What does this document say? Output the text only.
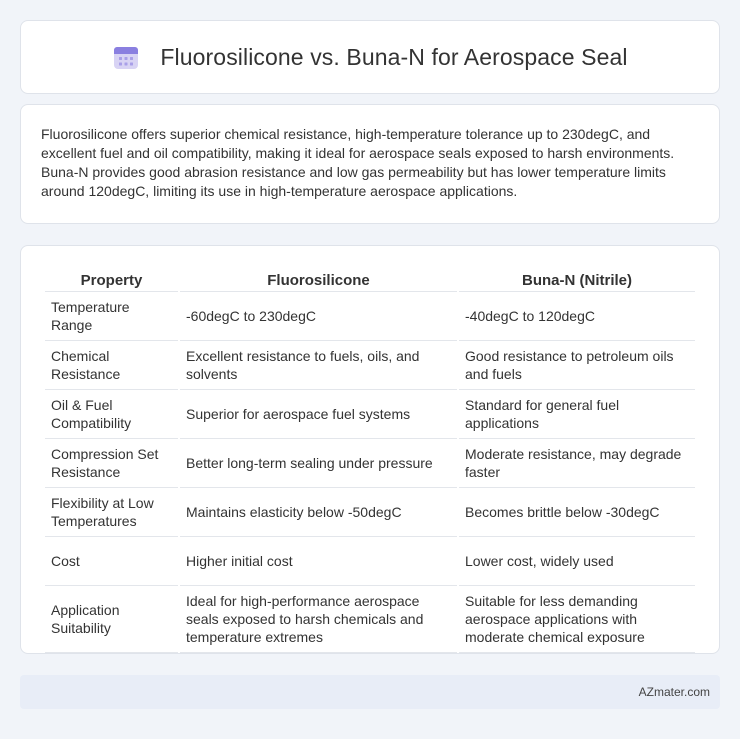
Fluorosilicone vs. Buna-N for Aerospace Seal

Fluorosilicone offers superior chemical resistance, high-temperature tolerance up to 230degC, and excellent fuel and oil compatibility, making it ideal for aerospace seals exposed to harsh environments. Buna-N provides good abrasion resistance and low gas permeability but has lower temperature limits around 120degC, limiting its use in high-temperature aerospace applications.

Property	Fluorosilicone	Buna-N (Nitrile)
Temperature Range	-60degC to 230degC	-40degC to 120degC
Chemical Resistance	Excellent resistance to fuels, oils, and solvents	Good resistance to petroleum oils and fuels
Oil & Fuel Compatibility	Superior for aerospace fuel systems	Standard for general fuel applications
Compression Set Resistance	Better long-term sealing under pressure	Moderate resistance, may degrade faster
Flexibility at Low Temperatures	Maintains elasticity below -50degC	Becomes brittle below -30degC
Cost	Higher initial cost	Lower cost, widely used
Application Suitability	Ideal for high-performance aerospace seals exposed to harsh chemicals and temperature extremes	Suitable for less demanding aerospace applications with moderate chemical exposure
AZmater.com
